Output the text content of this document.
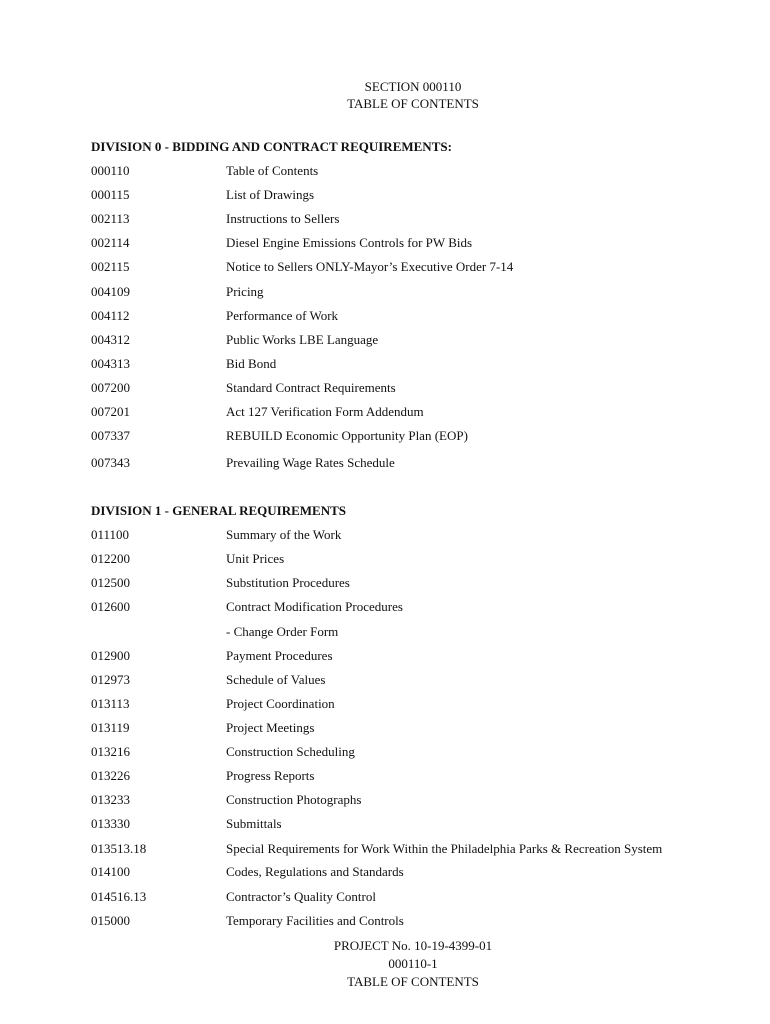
SECTION 000110
TABLE OF CONTENTS
DIVISION 0 - BIDDING AND CONTRACT REQUIREMENTS:
000110	Table of Contents
000115	List of Drawings
002113	Instructions to Sellers
002114	Diesel Engine Emissions Controls for PW Bids
002115	Notice to Sellers ONLY-Mayor’s Executive Order 7-14
004109	Pricing
004112	Performance of Work
004312	Public Works LBE Language
004313	Bid Bond
007200	Standard Contract Requirements
007201	Act 127 Verification Form Addendum
007337	REBUILD Economic Opportunity Plan (EOP)
007343	Prevailing Wage Rates Schedule
DIVISION 1 - GENERAL REQUIREMENTS
011100	Summary of the Work
012200	Unit Prices
012500	Substitution Procedures
012600	Contract Modification Procedures
- Change Order Form
012900	Payment Procedures
012973	Schedule of Values
013113	Project Coordination
013119	Project Meetings
013216	Construction Scheduling
013226	Progress Reports
013233	Construction Photographs
013330	Submittals
013513.18	Special Requirements for Work Within the Philadelphia Parks & Recreation System
014100	Codes, Regulations and Standards
014516.13	Contractor’s Quality Control
015000	Temporary Facilities and Controls
PROJECT No. 10-19-4399-01
000110-1
TABLE OF CONTENTS
